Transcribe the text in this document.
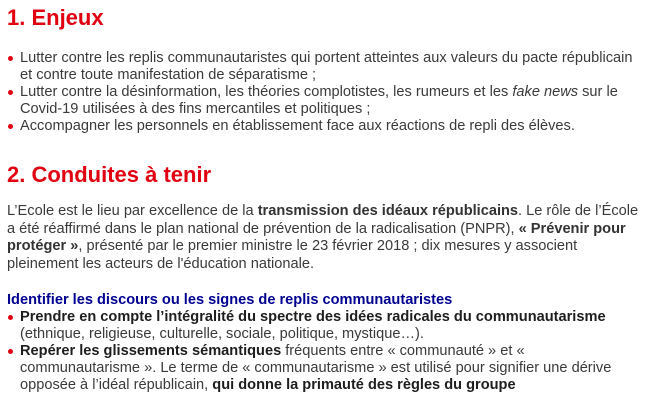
1. Enjeux
Lutter contre les replis communautaristes qui portent atteintes aux valeurs du pacte républicain et contre toute manifestation de séparatisme ;
Lutter contre la désinformation, les théories complotistes, les rumeurs et les fake news sur le Covid-19 utilisées à des fins mercantiles et politiques ;
Accompagner les personnels en établissement face aux réactions de repli des élèves.
2. Conduites à tenir

L’Ecole est le lieu par excellence de la transmission des idéaux républicains. Le rôle de l’École a été réaffirmé dans le plan national de prévention de la radicalisation (PNPR), « Prévenir pour protéger », présenté par le premier ministre le 23 février 2018 ; dix mesures y associent pleinement les acteurs de l'éducation nationale.

Identifier les discours ou les signes de replis communautaristes

Prendre en compte l’intégralité du spectre des idées radicales du communautarisme (ethnique, religieuse, culturelle, sociale, politique, mystique…).
Repérer les glissements sémantiques fréquents entre « communauté » et « communautarisme ». Le terme de « communautarisme » est utilisé pour signifier une dérive opposée à l’idéal républicain, qui donne la primauté des règles du groupe
